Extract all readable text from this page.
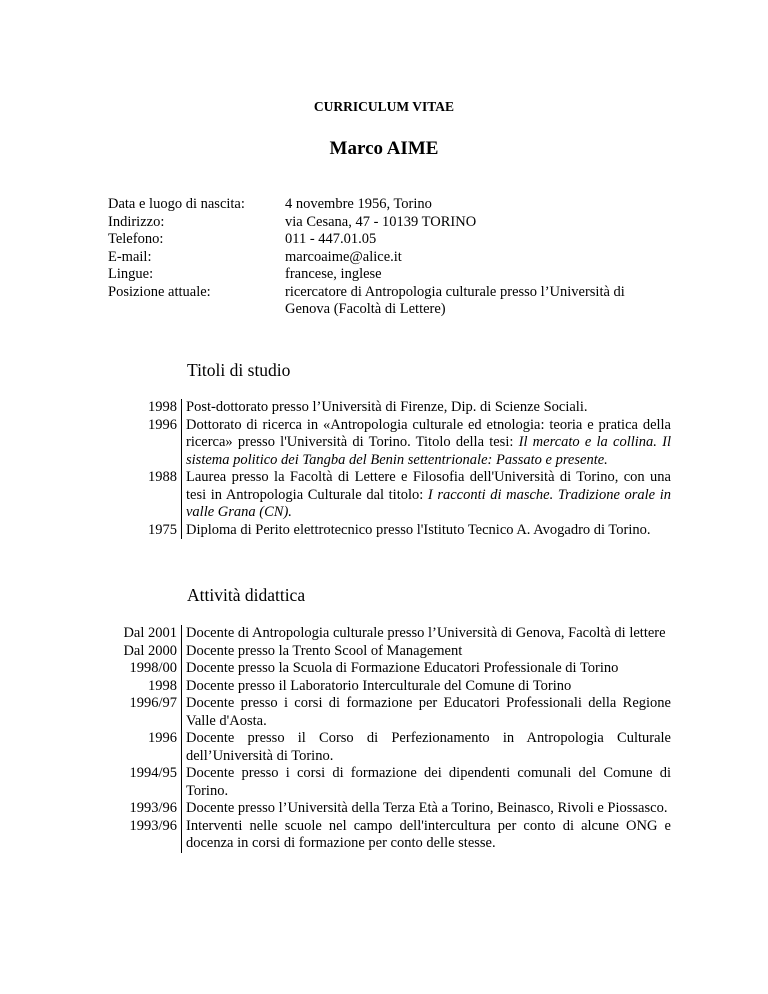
CURRICULUM VITAE
Marco AIME
Data e luogo di nascita:	4 novembre 1956, Torino
Indirizzo:	via Cesana, 47 - 10139 TORINO
Telefono:	011 - 447.01.05
E-mail:	marcoaime@alice.it
Lingue:	francese, inglese
Posizione attuale:	ricercatore di Antropologia culturale presso l’Università di Genova (Facoltà di Lettere)
Titoli di studio
1998 Post-dottorato presso l’Università di Firenze, Dip. di Scienze Sociali.
1996 Dottorato di ricerca in «Antropologia culturale ed etnologia: teoria e pratica della ricerca» presso l'Università di Torino. Titolo della tesi: Il mercato e la collina. Il sistema politico dei Tangba del Benin settentrionale: Passato e presente.
1988 Laurea presso la Facoltà di Lettere e Filosofia dell'Università di Torino, con una tesi in Antropologia Culturale dal titolo: I racconti di masche. Tradizione orale in valle Grana (CN).
1975 Diploma di Perito elettrotecnico presso l'Istituto Tecnico A. Avogadro di Torino.
Attività didattica
Dal 2001 Docente di Antropologia culturale presso l’Università di Genova, Facoltà di lettere
Dal 2000 Docente presso la Trento Scool of Management
1998/00 Docente presso la Scuola di Formazione Educatori Professionale di Torino
1998 Docente presso il Laboratorio Interculturale del Comune di Torino
1996/97 Docente presso i corsi di formazione per Educatori Professionali della Regione Valle d'Aosta.
1996 Docente presso il Corso di Perfezionamento in Antropologia Culturale dell’Università di Torino.
1994/95 Docente presso i corsi di formazione dei dipendenti comunali del Comune di Torino.
1993/96 Docente presso l’Università della Terza Età a Torino, Beinasco, Rivoli e Piossasco.
1993/96 Interventi nelle scuole nel campo dell'intercultura per conto di alcune ONG e docenza in corsi di formazione per conto delle stesse.
